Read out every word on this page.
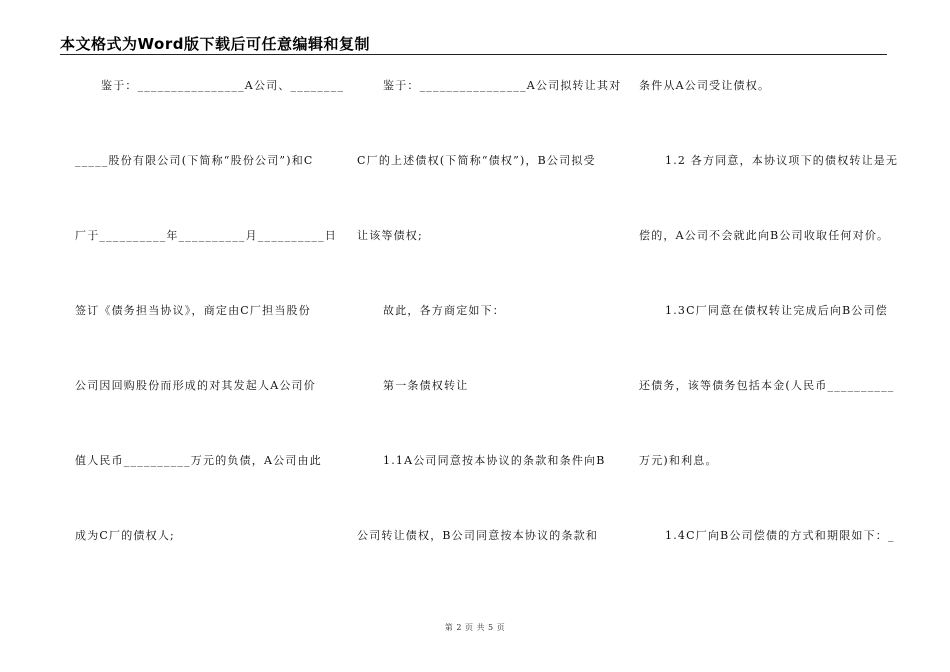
本文格式为Word版下载后可任意编辑和复制
鉴于：________________A公司、________
_____股份有限公司(下简称“股份公司”)和C
厂于__________年__________月__________日
签订《债务担当协议》，商定由C厂担当股份
公司因回购股份而形成的对其发起人A公司价
值人民币__________万元的负债，A公司由此
成为C厂的债权人;
鉴于：________________A公司拟转让其对
C厂的上述债权(下简称“债权”)，B公司拟受
让该等债权;
故此，各方商定如下：
第一条债权转让
1.1A公司同意按本协议的条款和条件向B
公司转让债权，B公司同意按本协议的条款和
条件从A公司受让债权。
1.2 各方同意，本协议项下的债权转让是无
偿的，A公司不会就此向B公司收取任何对价。
1.3C厂同意在债权转让完成后向B公司偿
还债务，该等债务包括本金(人民币__________
万元)和利息。
1.4C厂向B公司偿债的方式和期限如下：_
第 2 页 共 5 页
